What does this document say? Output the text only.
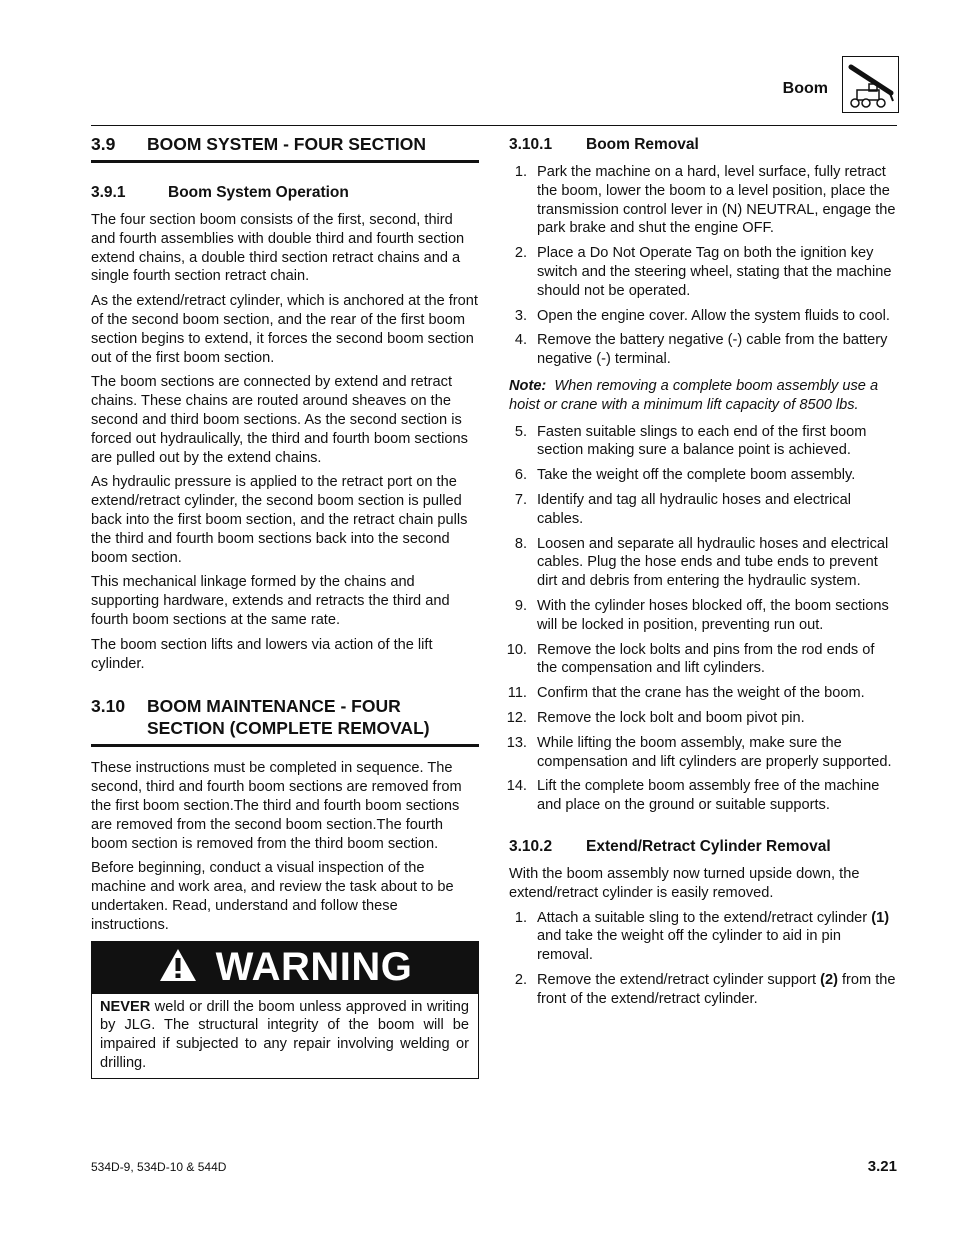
Boom
3.9 BOOM SYSTEM - FOUR SECTION
3.9.1	Boom System Operation

The four section boom consists of the first, second, third and fourth assemblies with double third and fourth section extend chains, a double third section retract chains and a single fourth section retract chain.

As the extend/retract cylinder, which is anchored at the front of the second boom section, and the rear of the first boom section begins to extend, it forces the second boom section out of the first boom section.

The boom sections are connected by extend and retract chains. These chains are routed around sheaves on the second and third boom sections. As the second section is forced out hydraulically, the third and fourth boom sections are pulled out by the extend chains.

As hydraulic pressure is applied to the retract port on the extend/retract cylinder, the second boom section is pulled back into the first boom section, and the retract chain pulls the third and fourth boom sections back into the second boom section.

This mechanical linkage formed by the chains and supporting hardware, extends and retracts the third and fourth boom sections at the same rate.

The boom section lifts and lowers via action of the lift cylinder.

3.10 BOOM MAINTENANCE - FOUR
SECTION (COMPLETE REMOVAL)

These instructions must be completed in sequence. The second, third and fourth boom sections are removed from the first boom section.The third and fourth boom sections are removed from the second boom section.The fourth boom section is removed from the third boom section.

Before beginning, conduct a visual inspection of the machine and work area, and review the task about to be undertaken. Read, understand and follow these instructions.

WARNING
NEVER weld or drill the boom unless approved in writing by JLG. The structural integrity of the boom will be impaired if subjected to any repair involving welding or drilling.
3.10.1 Boom Removal
1. Park the machine on a hard, level surface, fully retract the boom, lower the boom to a level position, place the transmission control lever in (N) NEUTRAL, engage the park brake and shut the engine OFF.
2. Place a Do Not Operate Tag on both the ignition key switch and the steering wheel, stating that the machine should not be operated.
3. Open the engine cover. Allow the system fluids to cool.
4. Remove the battery negative (-) cable from the battery negative (-) terminal.

Note: When removing a complete boom assembly use a hoist or crane with a minimum lift capacity of 8500 lbs.

5. Fasten suitable slings to each end of the first boom section making sure a balance point is achieved.
6. Take the weight off the complete boom assembly.
7. Identify and tag all hydraulic hoses and electrical cables.
8. Loosen and separate all hydraulic hoses and electrical cables. Plug the hose ends and tube ends to prevent dirt and debris from entering the hydraulic system.
9. With the cylinder hoses blocked off, the boom sections will be locked in position, preventing run out.
10. Remove the lock bolts and pins from the rod ends of the compensation and lift cylinders.
11. Confirm that the crane has the weight of the boom.
12. Remove the lock bolt and boom pivot pin.
13. While lifting the boom assembly, make sure the compensation and lift cylinders are properly supported.
14. Lift the complete boom assembly free of the machine and place on the ground or suitable supports.
3.10.2 Extend/Retract Cylinder Removal

With the boom assembly now turned upside down, the extend/retract cylinder is easily removed.

1. Attach a suitable sling to the extend/retract cylinder (1) and take the weight off the cylinder to aid in pin removal.
2. Remove the extend/retract cylinder support (2) from the front of the extend/retract cylinder.
534D-9, 534D-10 & 544D	3.21
